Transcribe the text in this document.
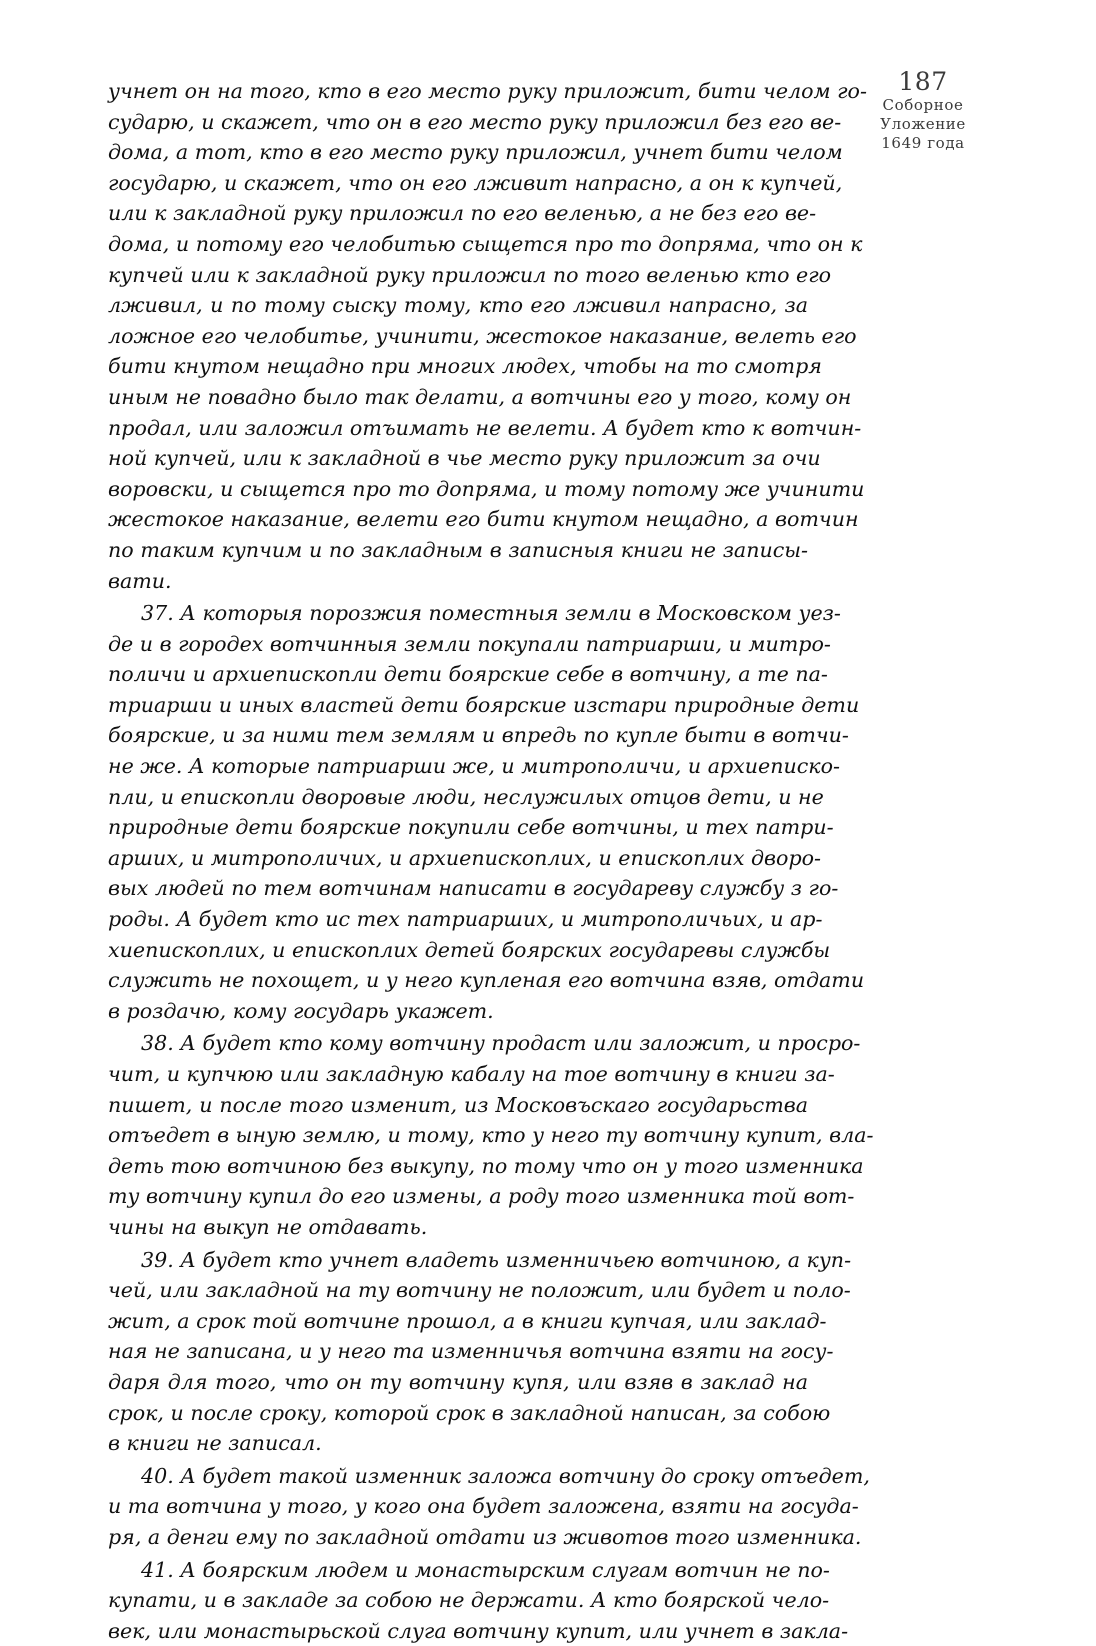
187
Соборное
Уложение
1649 года
учнет он на того, кто в его место руку приложит, бити челом го-
сударю, и скажет, что он в его место руку приложил без его ве-
дома, а тот, кто в его место руку приложил, учнет бити челом
государю, и скажет, что он его лживит напрасно, а он к купчей,
или к закладной руку приложил по его веленью, а не без его ве-
дома, и потому его челобитью сыщется про то допряма, что он к
купчей или к закладной руку приложил по того веленью кто его
лживил, и по тому сыску тому, кто его лживил напрасно, за
ложное его челобитье, учинити, жестокое наказание, велеть его
бити кнутом нещадно при многих людех, чтобы на то смотря
иным не повадно было так делати, а вотчины его у того, кому он
продал, или заложил отъимать не велети. А будет кто к вотчин-
ной купчей, или к закладной в чье место руку приложит за очи
воровски, и сыщется про то допряма, и тому потому же учинити
жестокое наказание, велети его бити кнутом нещадно, а вотчин
по таким купчим и по закладным в записныя книги не записы-
вати.
37. А которыя порозжия поместныя земли в Московском уез-
де и в городех вотчинныя земли покупали патриарши, и митро-
поличи и архиепископли дети боярские себе в вотчину, а те па-
триарши и иных властей дети боярские изстари природные дети
боярские, и за ними тем землям и впредь по купле быти в вотчи-
не же. А которые патриарши же, и митрополичи, и архиеписко-
пли, и епископли дворовые люди, неслужилых отцов дети, и не
природные дети боярские покупили себе вотчины, и тех патри-
арших, и митрополичих, и архиепископлих, и епископлих дворо-
вых людей по тем вотчинам написати в государеву службу з го-
роды. А будет кто ис тех патриарших, и митрополичьих, и ар-
хиепископлих, и епископлих детей боярских государевы службы
служить не похощет, и у него купленая его вотчина взяв, отдати
в роздачю, кому государь укажет.
38. А будет кто кому вотчину продаст или заложит, и просро-
чит, и купчюю или закладную кабалу на тое вотчину в книги за-
пишет, и после того изменит, из Московъскаго государьства
отъедет в ыную землю, и тому, кто у него ту вотчину купит, вла-
деть тою вотчиною без выкупу, по тому что он у того изменника
ту вотчину купил до его измены, а роду того изменника той вот-
чины на выкуп не отдавать.
39. А будет кто учнет владеть изменничьею вотчиною, а куп-
чей, или закладной на ту вотчину не положит, или будет и поло-
жит, а срок той вотчине прошол, а в книги купчая, или заклад-
ная не записана, и у него та изменничья вотчина взяти на госу-
даря для того, что он ту вотчину купя, или взяв в заклад на
срок, и после сроку, которой срок в закладной написан, за собою
в книги не записал.
40. А будет такой изменник заложа вотчину до сроку отъедет,
и та вотчина у того, у кого она будет заложена, взяти на госуда-
ря, а денги ему по закладной отдати из животов того изменника.
41. А боярским людем и монастырским слугам вотчин не по-
купати, и в закладе за собою не держати. А кто боярской чело-
век, или монастырьской слуга вотчину купит, или учнет в закла-
